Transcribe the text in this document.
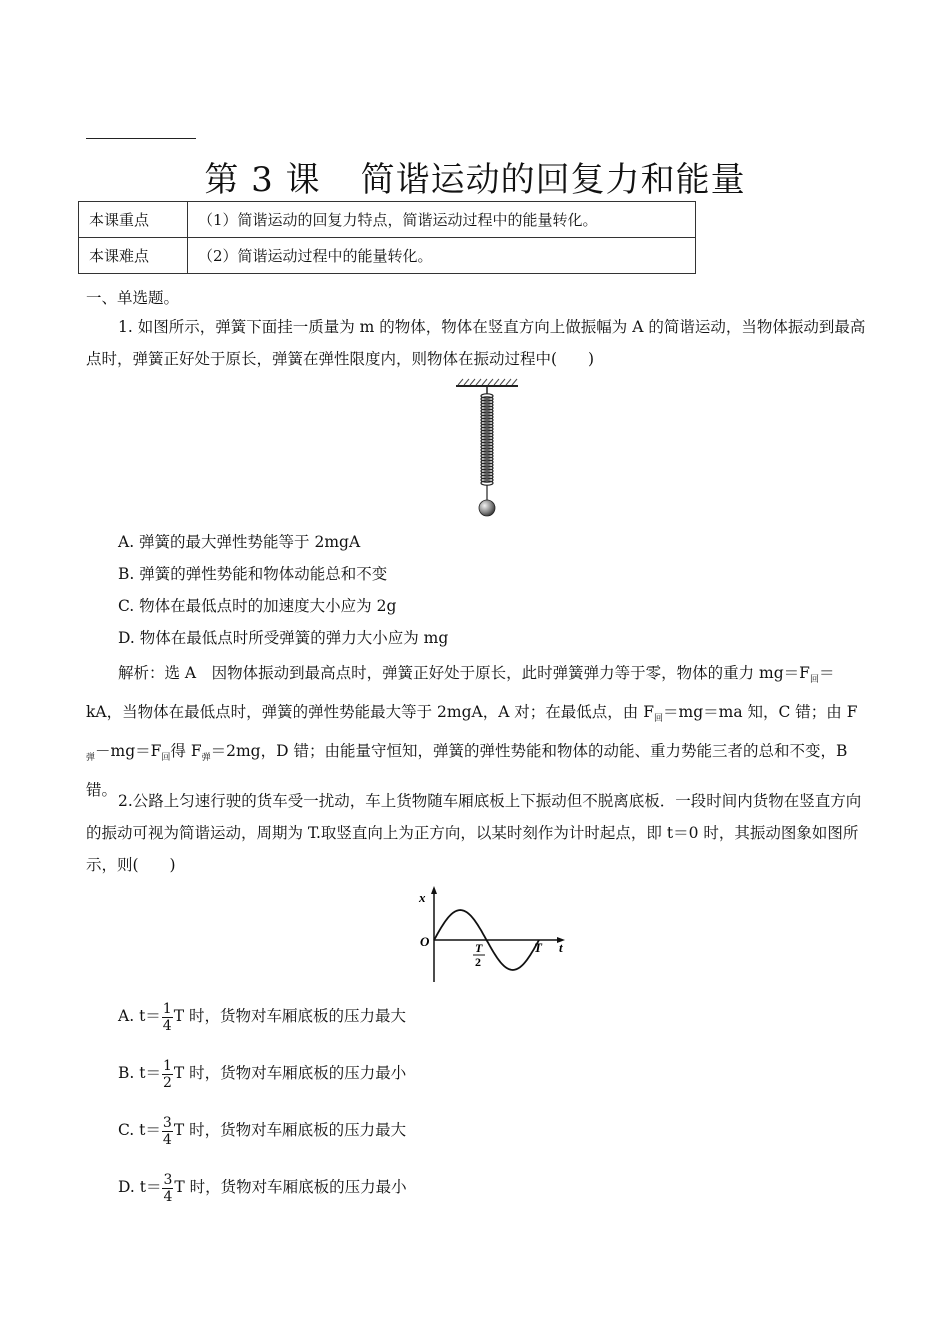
第 3 课 简谐运动的回复力和能量
本课重点	（1）简谐运动的回复力特点，简谐运动过程中的能量转化。
本课难点	（2）简谐运动过程中的能量转化。
一、单选题。
1. 如图所示，弹簧下面挂一质量为 m 的物体，物体在竖直方向上做振幅为 A 的简谐运动，当物体振动到最高点时，弹簧正好处于原长，弹簧在弹性限度内，则物体在振动过程中(　　)
A. 弹簧的最大弹性势能等于 2mgA
B. 弹簧的弹性势能和物体动能总和不变
C. 物体在最低点时的加速度大小应为 2g
D. 物体在最低点时所受弹簧的弹力大小应为 mg
解析：选 A　因物体振动到最高点时，弹簧正好处于原长，此时弹簧弹力等于零，物体的重力 $mg=F_回=kA$，当物体在最低点时，弹簧的弹性势能最大等于 2mgA，A 对；在最低点，由 $F_回=mg=ma$ 知，C 错；由 $F_弹-mg=F_回$得 $F_弹=2mg$，D 错；由能量守恒知，弹簧的弹性势能和物体的动能、重力势能三者的总和不变，B 错。
2.公路上匀速行驶的货车受一扰动，车上货物随车厢底板上下振动但不脱离底板．一段时间内货物在竖直方向的振动可视为简谐运动，周期为 T.取竖直向上为正方向，以某时刻作为计时起点，即 t＝0 时，其振动图象如图所示，则(　　)
x
O	T
2
T t
A. $t= \frac{1}{4}$ T 时，货物对车厢底板的压力最大
B. $t= \frac{1}{2}$ T 时，货物对车厢底板的压力最小
C. $t= \frac{3}{4}$ T 时，货物对车厢底板的压力最大
D. $t= \frac{3}{4}$ T 时，货物对车厢底板的压力最小
